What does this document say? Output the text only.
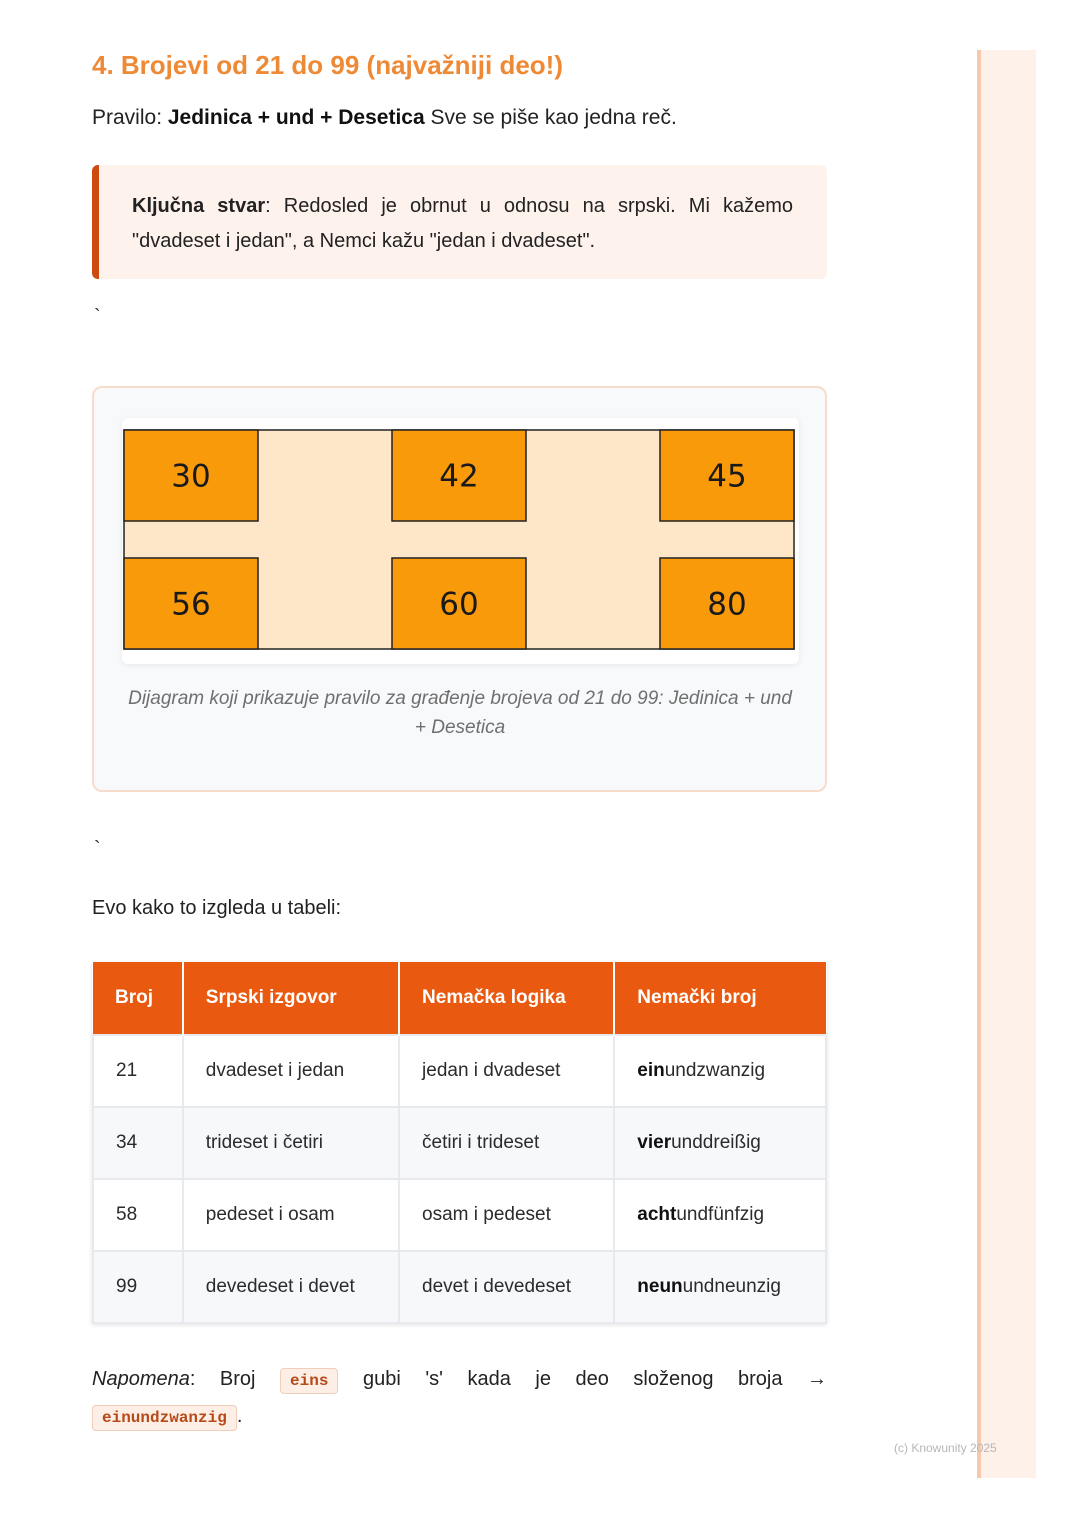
4. Brojevi od 21 do 99 (najvažniji deo!)

Pravilo: Jedinica + und + Desetica Sve se piše kao jedna reč.

Ključna stvar: Redosled je obrnut u odnosu na srpski. Mi kažemo "dvadeset i jedan", a Nemci kažu "jedan i dvadeset".
`
30	42	45
56	60	80
Dijagram koji prikazuje pravilo za građenje brojeva od 21 do 99: Jedinica + und + Desetica
`

Evo kako to izgleda u tabeli:

Broj	Srpski izgovor	Nemačka logika	Nemački broj
21	dvadeset i jedan	jedan i dvadeset	einundzwanzig
34	trideset i četiri	četiri i trideset	vierunddreißig
58	pedeset i osam	osam i pedeset	achtundfünfzig
99	devedeset i devet	devet i devedeset	neunundneunzig
Napomena: Broj eins gubi 's' kada je deo složenog broja →
einundzwanzig .
(c) Knowunity 2025
